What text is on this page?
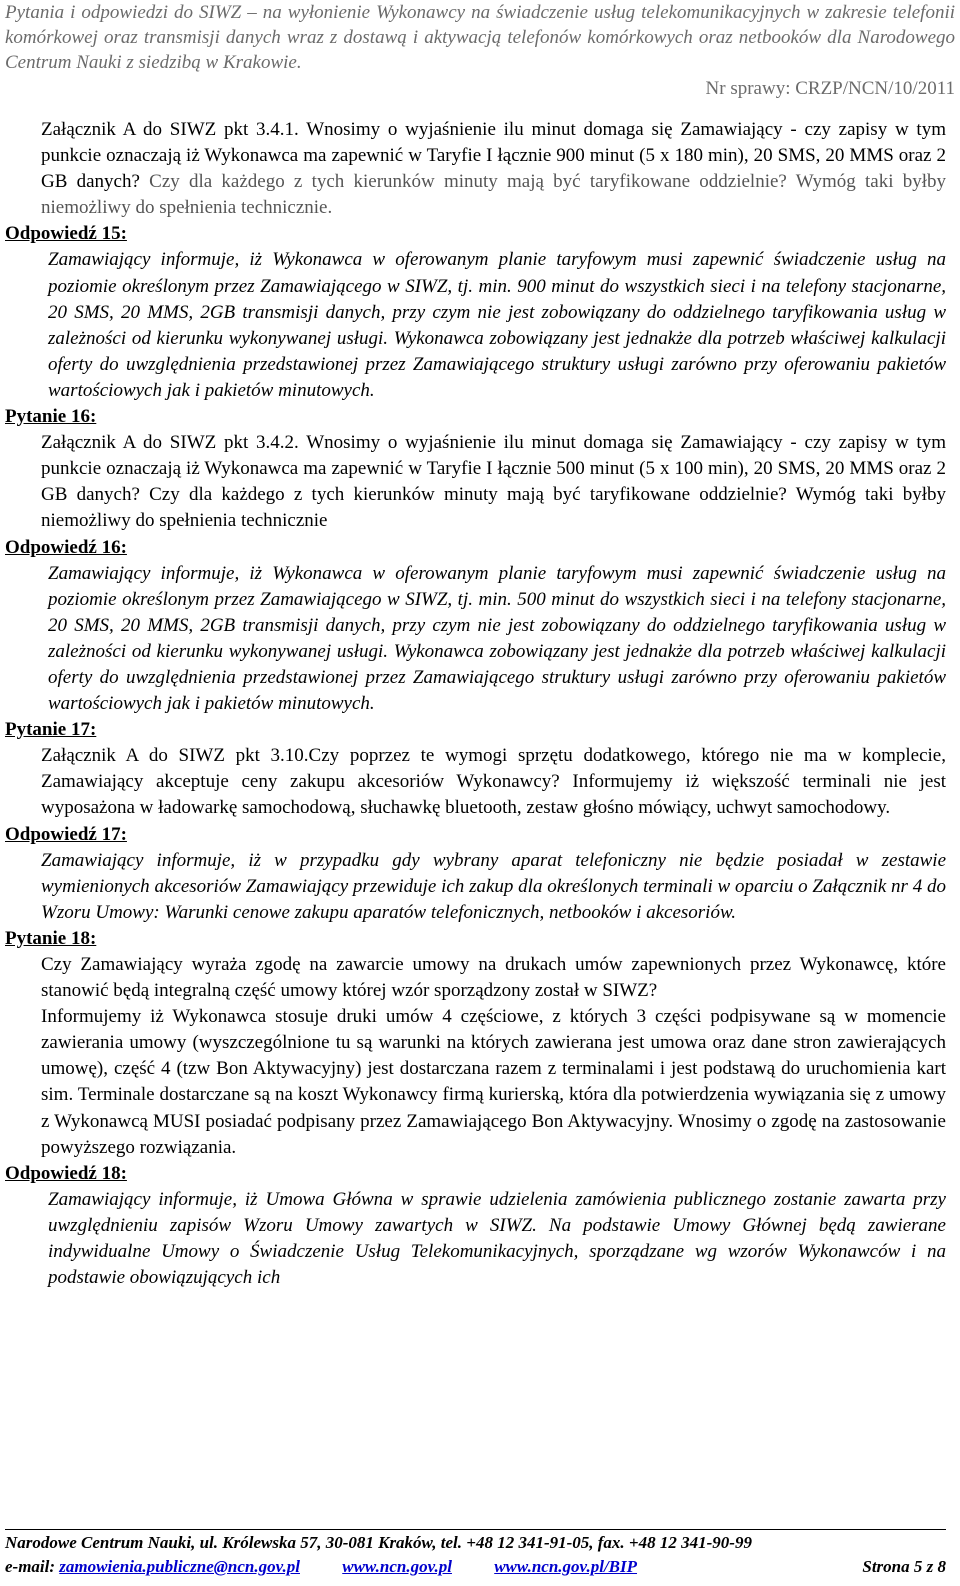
Pytania i odpowiedzi do SIWZ – na wyłonienie Wykonawcy na świadczenie usług telekomunikacyjnych w zakresie telefonii komórkowej oraz transmisji danych wraz z dostawą i aktywacją telefonów komórkowych oraz netbooków dla Narodowego Centrum Nauki z siedzibą w Krakowie.

Nr sprawy: CRZP/NCN/10/2011

Załącznik A do SIWZ pkt 3.4.1. Wnosimy o wyjaśnienie ilu minut domaga się Zamawiający - czy zapisy w tym punkcie oznaczają iż Wykonawca ma zapewnić w Taryfie I łącznie 900 minut (5 x 180 min), 20 SMS, 20 MMS oraz 2 GB danych? Czy dla każdego z tych kierunków minuty mają być taryfikowane oddzielnie? Wymóg taki byłby niemożliwy do spełnienia technicznie.

Odpowiedź 15:

Zamawiający informuje, iż Wykonawca w oferowanym planie taryfowym musi zapewnić świadczenie usług na poziomie określonym przez Zamawiającego w SIWZ, tj. min. 900 minut do wszystkich sieci i na telefony stacjonarne, 20 SMS, 20 MMS, 2GB transmisji danych, przy czym nie jest zobowiązany do oddzielnego taryfikowania usług w zależności od kierunku wykonywanej usługi. Wykonawca zobowiązany jest jednakże dla potrzeb właściwej kalkulacji oferty do uwzględnienia przedstawionej przez Zamawiającego struktury usługi zarówno przy oferowaniu pakietów wartościowych jak i pakietów minutowych.

Pytanie 16:

Załącznik A do SIWZ pkt 3.4.2. Wnosimy o wyjaśnienie ilu minut domaga się Zamawiający - czy zapisy w tym punkcie oznaczają iż Wykonawca ma zapewnić w Taryfie I łącznie 500 minut (5 x 100 min), 20 SMS, 20 MMS oraz 2 GB danych? Czy dla każdego z tych kierunków minuty mają być taryfikowane oddzielnie? Wymóg taki byłby niemożliwy do spełnienia technicznie

Odpowiedź 16:

Zamawiający informuje, iż Wykonawca w oferowanym planie taryfowym musi zapewnić świadczenie usług na poziomie określonym przez Zamawiającego w SIWZ, tj. min. 500 minut do wszystkich sieci i na telefony stacjonarne, 20 SMS, 20 MMS, 2GB transmisji danych, przy czym nie jest zobowiązany do oddzielnego taryfikowania usług w zależności od kierunku wykonywanej usługi. Wykonawca zobowiązany jest jednakże dla potrzeb właściwej kalkulacji oferty do uwzględnienia przedstawionej przez Zamawiającego struktury usługi zarówno przy oferowaniu pakietów wartościowych jak i pakietów minutowych.

Pytanie 17:

Załącznik A do SIWZ pkt 3.10.Czy poprzez te wymogi sprzętu dodatkowego, którego nie ma w komplecie, Zamawiający akceptuje ceny zakupu akcesoriów Wykonawcy? Informujemy iż większość terminali nie jest wyposażona w ładowarkę samochodową, słuchawkę bluetooth, zestaw głośno mówiący, uchwyt samochodowy.

Odpowiedź 17:

Zamawiający informuje, iż w przypadku gdy wybrany aparat telefoniczny nie będzie posiadał w zestawie wymienionych akcesoriów Zamawiający przewiduje ich zakup dla określonych terminali w oparciu o Załącznik nr 4 do Wzoru Umowy: Warunki cenowe zakupu aparatów telefonicznych, netbooków i akcesoriów.

Pytanie 18:

Czy Zamawiający wyraża zgodę na zawarcie umowy na drukach umów zapewnionych przez Wykonawcę, które stanowić będą integralną część umowy której wzór sporządzony został w SIWZ?

Informujemy iż Wykonawca stosuje druki umów 4 częściowe, z których 3 części podpisywane są w momencie zawierania umowy (wyszczególnione tu są warunki na których zawierana jest umowa oraz dane stron zawierających umowę), część 4 (tzw Bon Aktywacyjny) jest dostarczana razem z terminalami i jest podstawą do uruchomienia kart sim. Terminale dostarczane są na koszt Wykonawcy firmą kurierską, która dla potwierdzenia wywiązania się z umowy z Wykonawcą MUSI posiadać podpisany przez Zamawiającego Bon Aktywacyjny. Wnosimy o zgodę na zastosowanie powyższego rozwiązania.

Odpowiedź 18:

Zamawiający informuje, iż Umowa Główna w sprawie udzielenia zamówienia publicznego zostanie zawarta przy uwzględnieniu zapisów Wzoru Umowy zawartych w SIWZ. Na podstawie Umowy Głównej będą zawierane indywidualne Umowy o Świadczenie Usług Telekomunikacyjnych, sporządzane wg wzorów Wykonawców i na podstawie obowiązujących ich

Narodowe Centrum Nauki, ul. Królewska 57, 30-081 Kraków, tel. +48 12 341-91-05, fax. +48 12 341-90-99
e-mail: zamowienia.publiczne@ncn.gov.pl www.ncn.gov.pl www.ncn.gov.pl/BIP	Strona 5 z 8
